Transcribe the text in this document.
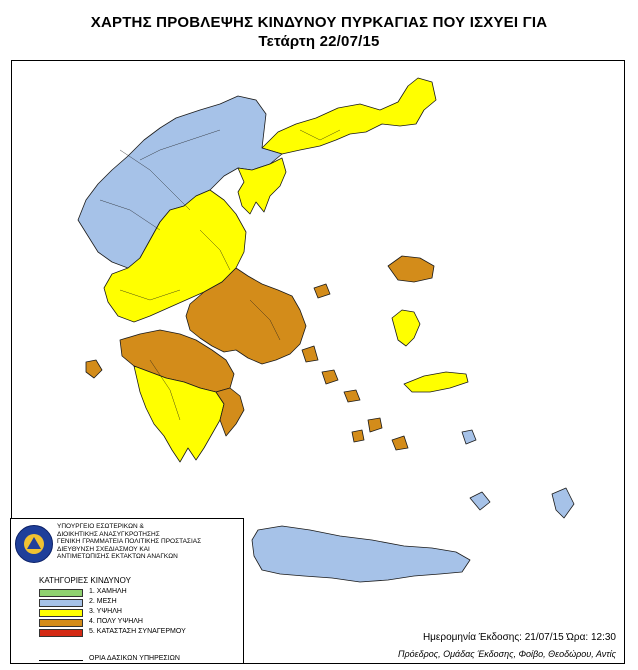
ΧΑΡΤΗΣ ΠΡΟΒΛΕΨΗΣ ΚΙΝΔΥΝΟΥ ΠΥΡΚΑΓΙΑΣ ΠΟΥ ΙΣΧΥΕΙ ΓΙΑ
Τετάρτη 22/07/15
ΥΠΟΥΡΓΕΙΟ ΕΣΩΤΕΡΙΚΩΝ &
ΔΙΟΙΚΗΤΙΚΗΣ ΑΝΑΣΥΓΚΡΟΤΗΣΗΣ
ΓΕΝΙΚΗ ΓΡΑΜΜΑΤΕΙΑ ΠΟΛΙΤΙΚΗΣ ΠΡΟΣΤΑΣΙΑΣ
ΔΙΕΥΘΥΝΣΗ ΣΧΕΔΙΑΣΜΟΥ ΚΑΙ
ΑΝΤΙΜΕΤΩΠΙΣΗΣ ΕΚΤΑΚΤΩΝ ΑΝΑΓΚΩΝ
ΚΑΤΗΓΟΡΙΕΣ ΚΙΝΔΥΝΟΥ
1. ΧΑΜΗΛΗ
2. ΜΕΣΗ
3. ΥΨΗΛΗ
4. ΠΟΛΥ ΥΨΗΛΗ
5. ΚΑΤΑΣΤΑΣΗ ΣΥΝΑΓΕΡΜΟΥ
ΟΡΙΑ ΔΑΣΙΚΩΝ ΥΠΗΡΕΣΙΩΝ
Ημερομηνία Έκδοσης: 21/07/15 Ώρα: 12:30
Πρόεδρος, Ομάδας Έκδοσης, Φοίβο, Θεοδώρου, Αντίς
